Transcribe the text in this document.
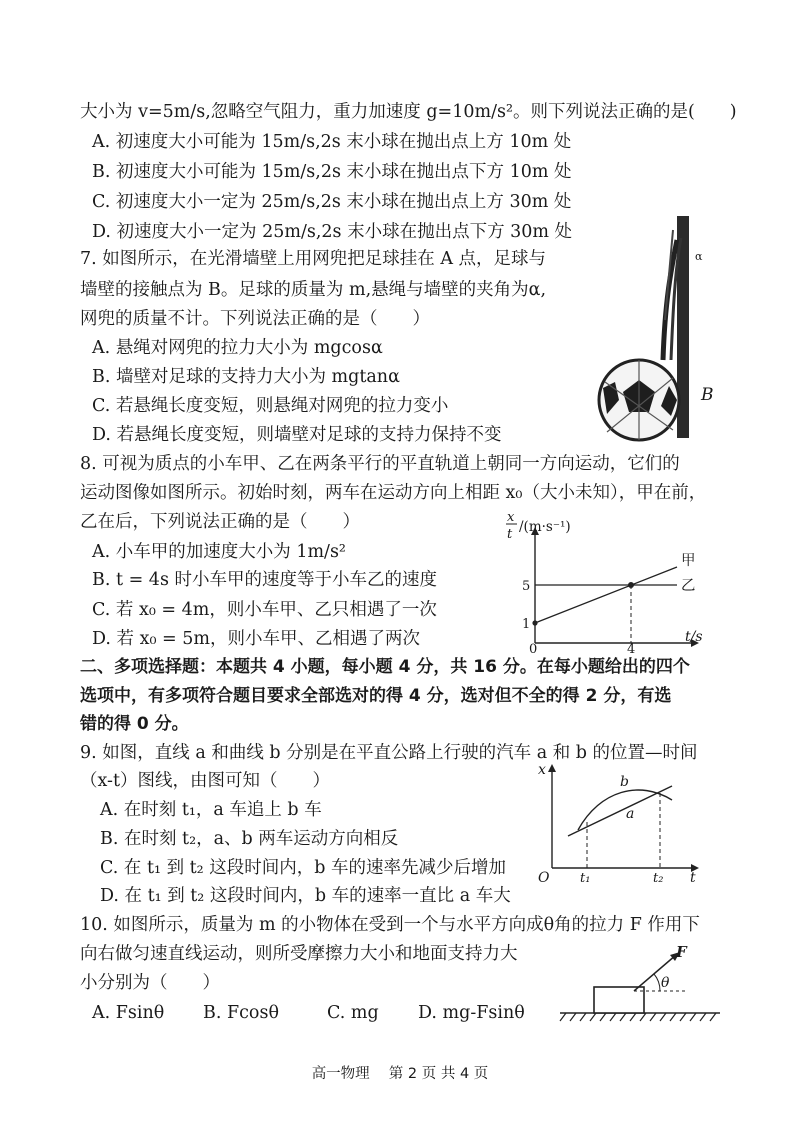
大小为 v=5m/s,忽略空气阻力，重力加速度 g=10m/s²。则下列说法正确的是(　　)
A. 初速度大小可能为 15m/s,2s 末小球在抛出点上方 10m 处
B. 初速度大小可能为 15m/s,2s 末小球在抛出点下方 10m 处
C. 初速度大小一定为 25m/s,2s 末小球在抛出点上方 30m 处
D. 初速度大小一定为 25m/s,2s 末小球在抛出点下方 30m 处
7. 如图所示，在光滑墙壁上用网兜把足球挂在 A 点，足球与
墙壁的接触点为 B。足球的质量为 m,悬绳与墙壁的夹角为α,
网兜的质量不计。下列说法正确的是（　　）
A. 悬绳对网兜的拉力大小为 mgcosα
B. 墙壁对足球的支持力大小为 mgtanα
C. 若悬绳长度变短，则悬绳对网兜的拉力变小
D. 若悬绳长度变短，则墙壁对足球的支持力保持不变
B
α
8. 可视为质点的小车甲、乙在两条平行的平直轨道上朝同一方向运动，它们的
运动图像如图所示。初始时刻，两车在运动方向上相距 x₀（大小未知），甲在前，
乙在后，下列说法正确的是（　　）
A. 小车甲的加速度大小为 1m/s²
B. t = 4s 时小车甲的速度等于小车乙的速度
C. 若 x₀ = 4m，则小车甲、乙只相遇了一次
D. 若 x₀ = 5m，则小车甲、乙相遇了两次
x
t /(m·s⁻¹)
t/s
0	4
5
1
甲
乙
二、多项选择题：本题共 4 小题，每小题 4 分，共 16 分。在每小题给出的四个
选项中，有多项符合题目要求全部选对的得 4 分，选对但不全的得 2 分，有选
错的得 0 分。
9. 如图，直线 a 和曲线 b 分别是在平直公路上行驶的汽车 a 和 b 的位置—时间
（x-t）图线，由图可知（　　）
A. 在时刻 t₁，a 车追上 b 车
B. 在时刻 t₂，a、b 两车运动方向相反
C. 在 t₁ 到 t₂ 这段时间内，b 车的速率先减少后增加
D. 在 t₁ 到 t₂ 这段时间内，b 车的速率一直比 a 车大
x
t
O t₁	t₂
b
a
10. 如图所示，质量为 m 的小物体在受到一个与水平方向成θ角的拉力 F 作用下
向右做匀速直线运动，则所受摩擦力大小和地面支持力大
小分别为（　　）
A. Fsinθ B. Fcosθ	C. mg D. mg-Fsinθ
F
θ
高一物理　 第 2 页 共 4 页
